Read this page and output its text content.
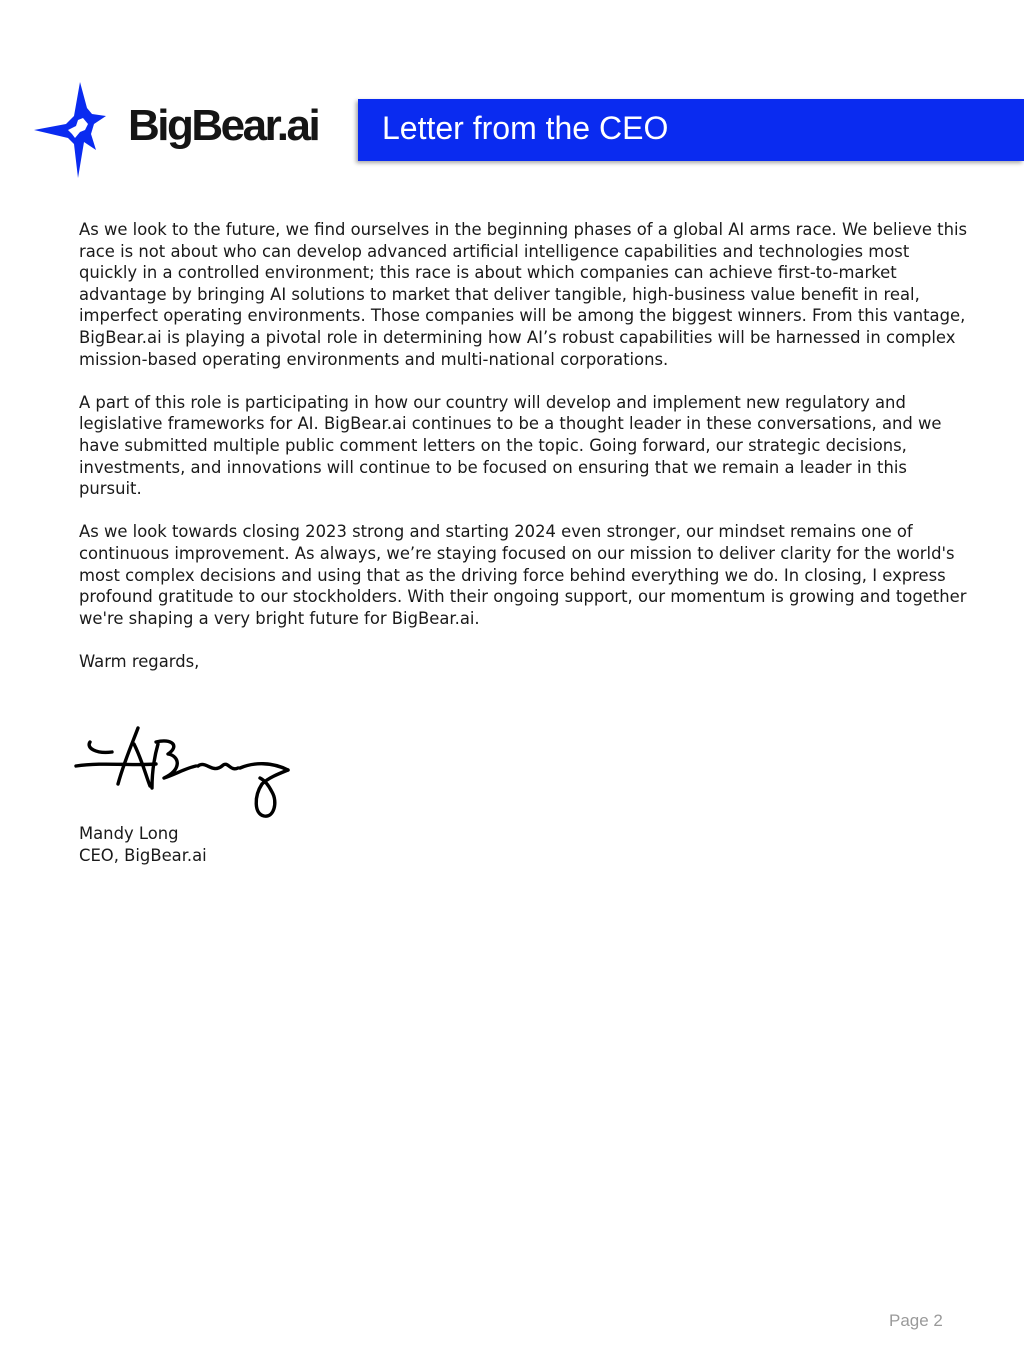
BigBear.ai Letter from the CEO

As we look to the future, we find ourselves in the beginning phases of a global AI arms race. We believe this race is not about who can develop advanced artificial intelligence capabilities and technologies most quickly in a controlled environment; this race is about which companies can achieve first-to-market advantage by bringing AI solutions to market that deliver tangible, high-business value benefit in real, imperfect operating environments. Those companies will be among the biggest winners. From this vantage, BigBear.ai is playing a pivotal role in determining how AI’s robust capabilities will be harnessed in complex mission-based operating environments and multi-national corporations.

A part of this role is participating in how our country will develop and implement new regulatory and legislative frameworks for AI. BigBear.ai continues to be a thought leader in these conversations, and we have submitted multiple public comment letters on the topic. Going forward, our strategic decisions, investments, and innovations will continue to be focused on ensuring that we remain a leader in this pursuit.

As we look towards closing 2023 strong and starting 2024 even stronger, our mindset remains one of continuous improvement. As always, we’re staying focused on our mission to deliver clarity for the world's most complex decisions and using that as the driving force behind everything we do. In closing, I express profound gratitude to our stockholders. With their ongoing support, our momentum is growing and together we're shaping a very bright future for BigBear.ai.

Warm regards,

Mandy Long
CEO, BigBear.ai
Page 2
